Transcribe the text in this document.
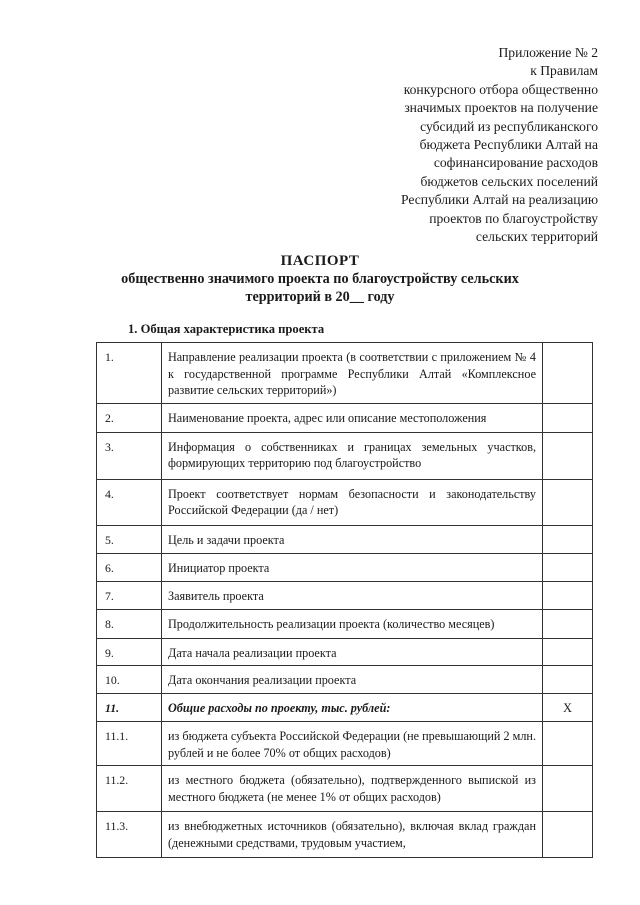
Приложение № 2
к Правилам
конкурсного отбора общественно
значимых проектов на получение
субсидий из республиканского
бюджета Республики Алтай на
софинансирование расходов
бюджетов сельских поселений
Республики Алтай на реализацию
проектов по благоустройству
сельских территорий
ПАСПОРТ
общественно значимого проекта по благоустройству сельских
территорий в 20__ году
1. Общая характеристика проекта
1.	Направление реализации проекта (в соответствии с приложением № 4 к государственной программе Республики Алтай «Комплексное развитие сельских территорий»)	
2.	Наименование проекта, адрес или описание местоположения	
3.	Информация о собственниках и границах земельных участков, формирующих территорию под благоустройство	
4.	Проект соответствует нормам безопасности и законодательству Российской Федерации (да / нет)	
5.	Цель и задачи проекта	
6.	Инициатор проекта	
7.	Заявитель проекта	
8.	Продолжительность реализации проекта (количество месяцев)	
9.	Дата начала реализации проекта	
10.	Дата окончания реализации проекта	
11.	Общие расходы по проекту, тыс. рублей:	X
11.1.	из бюджета субъекта Российской Федерации (не превышающий 2 млн. рублей и не более 70% от общих расходов)	
11.2.	из местного бюджета (обязательно), подтвержденного выпиской из местного бюджета (не менее 1% от общих расходов)	
11.3.	из внебюджетных источников (обязательно), включая вклад граждан (денежными средствами, трудовым участием,	
